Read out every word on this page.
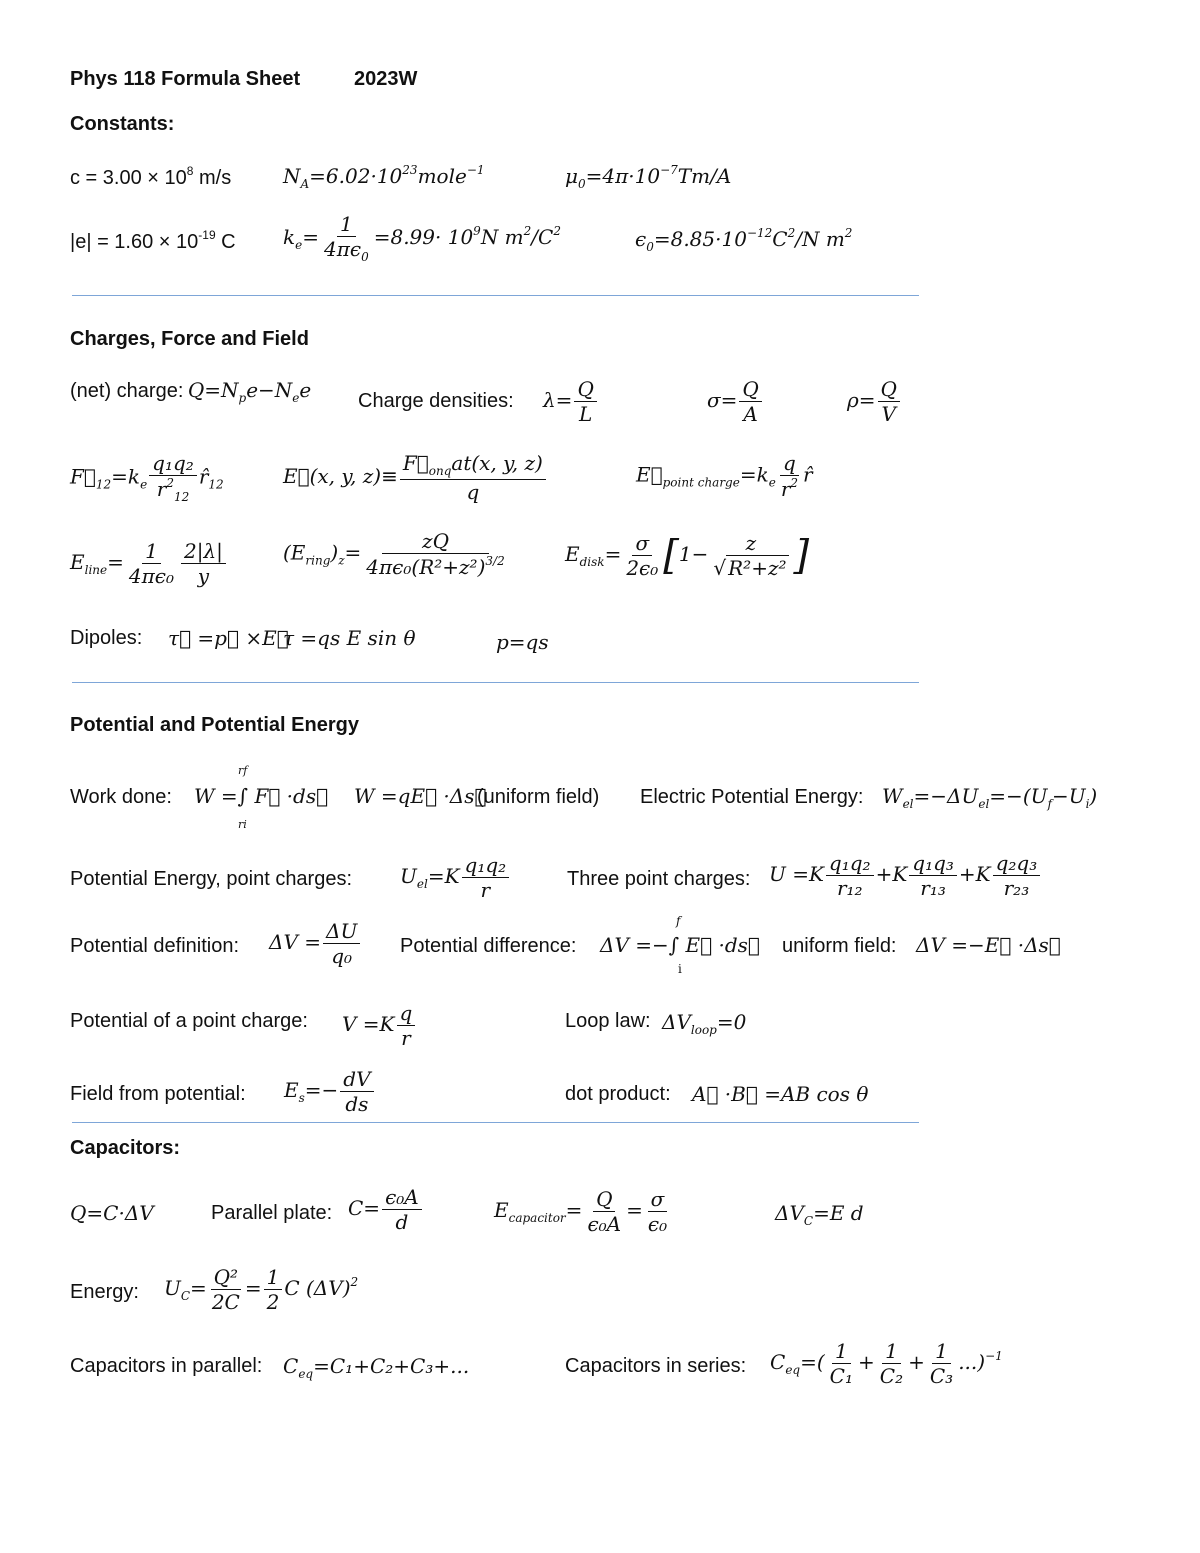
Phys 118 Formula Sheet	2023W
Constants:
$c = 3.00 \times 10^8$ m/s	$N_A=6.02\cdot 10^{23}mole^{-1}$	$\mu_0=4\pi\cdot 10^{-7}Tm/A$
$|e| = 1.60 \times 10^{-19}$ C $k_e= \frac{1}{4\pi\epsilon_0} =8.99\cdot 10^9N$ $m^2/C^2$	$\epsilon_0=8.85\cdot 10^{-12}C^2/N$ $m^2$
Charges, Force and Field
(net) charge: $Q=N_pe-N_ee$ Charge densities: $\lambda= \frac{Q}{L}$	$\sigma= \frac{Q}{A}$	$\rho= \frac{Q}{V}$
$F⃗_{12}=k_e \frac{\text{q₁q₂}}{r^2_{12}}$ $r̂_{12}$	E⃗(x, y, $z)\equiv \frac{F⃗_{onq}at(x, y, z)}{q}$	$E⃗_{point charge}=k_e \frac{q}{r^2}$ r̂
$E_{line}= \frac{1}{\text{4πϵ₀}} \frac{2|\lambda|}{y}$	$(E_{ring})_z= \frac{zQ}{4\pi\epsilon_0(R^2+z^2)^{3/2}}$	$E_{disk}= \frac{\sigma}{\text{2ϵ₀}} [1- \frac{z}{\text{√ R²+z²}}$ ]
Dipoles: τ⃗ =p⃗ ×E⃗
τ =qs E sin θ	p=qs
Potential and Potential Energy
Work done:
rf
W =∫ F⃗ ·ds⃗
ri
W =qE⃗ ·Δs⃗
(uniform field) Electric Potential Energy: $W_{el}=-\Delta U_{el}=-(U_f-U_i)$
Potential Energy, point charges: $U_{el}=K \frac{\text{q₁q₂}}{r}$	Three point charges: $U =K \frac{\text{q₁q₂}}{\text{r₁₂}} +K \frac{\text{q₁q₃}}{\text{r₁₃}} +K \frac{\text{q₂q₃}}{\text{r₂₃}}$
Potential definition: $\Delta V = \frac{\Delta U}{\text{q₀}}$ Potential difference:
f
ΔV =−∫ E⃗ ·ds⃗
i
uniform field: ΔV =−E⃗ ·Δs⃗
Potential of a point charge: $V =K \frac{q}{r}$	Loop law: $\Delta V_{loop}=0$
Field from potential: $E_s=- \frac{dV}{ds}$	dot product: A⃗ ·B⃗ =AB cos θ
Capacitors:
Q=C·ΔV	Parallel plate: $C= \frac{\text{ϵ₀A}}{d}$	$E_{capacitor}= \frac{Q}{\text{ϵ₀A}} = \frac{\sigma}{\text{ϵ₀}}$	$\Delta V_C=E$ d
Energy: $U_C= \frac{\text{Q²}}{2C} = \frac{1}{2}$ C $(\Delta V)^2$
Capacitors in parallel: $C_{eq}=C_1+C_2+C_3+$...	Capacitors in series: $C_{eq}=( \frac{1}{\text{C₁}} + \frac{1}{\text{C₂}} + \frac{1}{\text{C₃}} ...)^{-1}$
